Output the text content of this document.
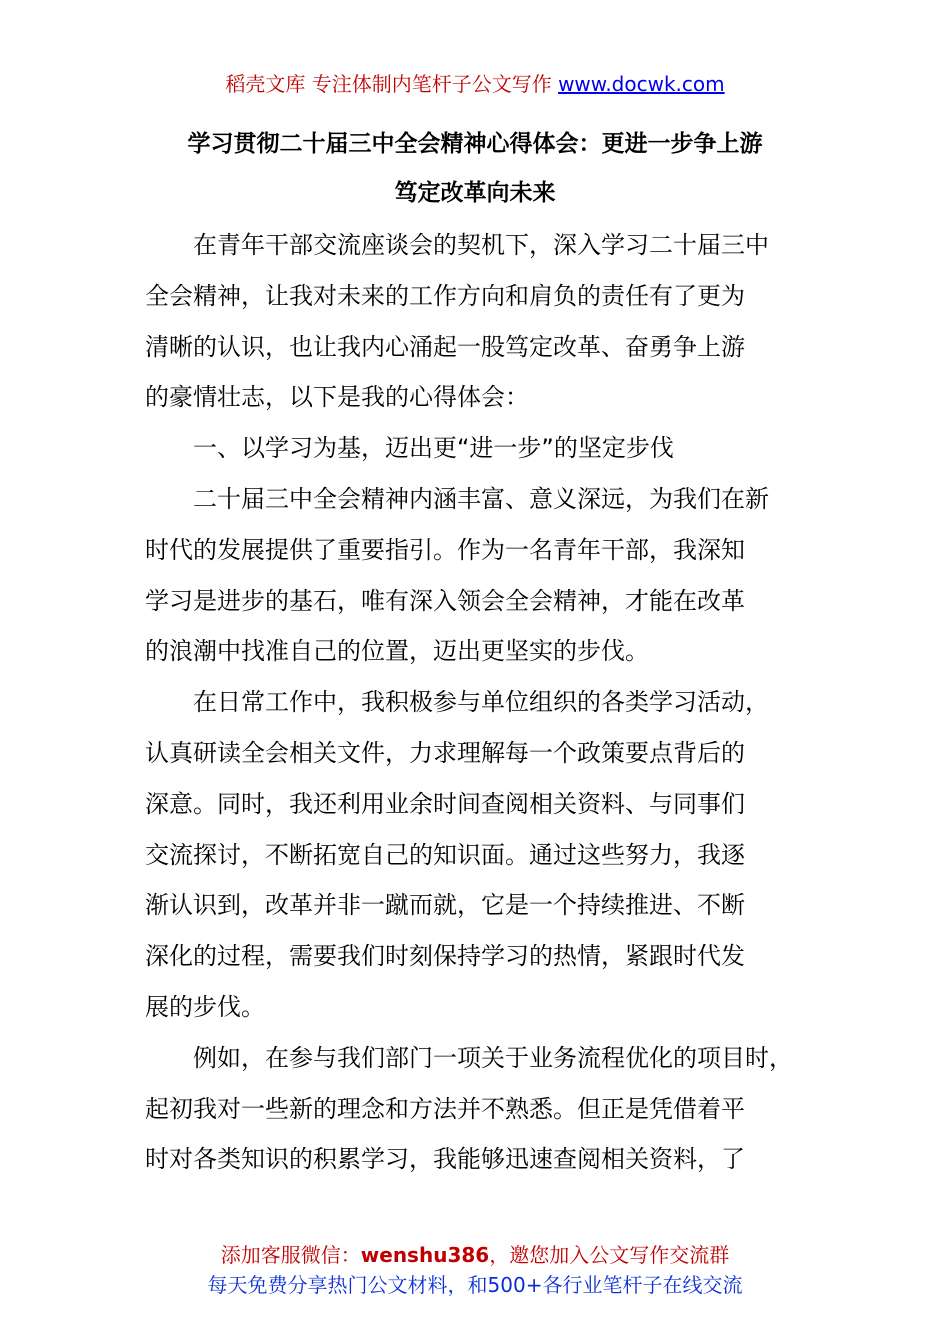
稻壳文库 专注体制内笔杆子公文写作 www.docwk.com
学习贯彻二十届三中全会精神心得体会：更进一步争上游
笃定改革向未来
　　在青年干部交流座谈会的契机下，深入学习二十届三中
全会精神，让我对未来的工作方向和肩负的责任有了更为
清晰的认识，也让我内心涌起一股笃定改革、奋勇争上游
的豪情壮志，以下是我的心得体会：
　　一、以学习为基，迈出更“进一步”的坚定步伐
　　二十届三中全会精神内涵丰富、意义深远，为我们在新
时代的发展提供了重要指引。作为一名青年干部，我深知
学习是进步的基石，唯有深入领会全会精神，才能在改革
的浪潮中找准自己的位置，迈出更坚实的步伐。
　　在日常工作中，我积极参与单位组织的各类学习活动，
认真研读全会相关文件，力求理解每一个政策要点背后的
深意。同时，我还利用业余时间查阅相关资料、与同事们
交流探讨，不断拓宽自己的知识面。通过这些努力，我逐
渐认识到，改革并非一蹴而就，它是一个持续推进、不断
深化的过程，需要我们时刻保持学习的热情，紧跟时代发
展的步伐。
　　例如，在参与我们部门一项关于业务流程优化的项目时，
起初我对一些新的理念和方法并不熟悉。但正是凭借着平
时对各类知识的积累学习，我能够迅速查阅相关资料，了
添加客服微信：wenshu386，邀您加入公文写作交流群
每天免费分享热门公文材料，和500+各行业笔杆子在线交流
